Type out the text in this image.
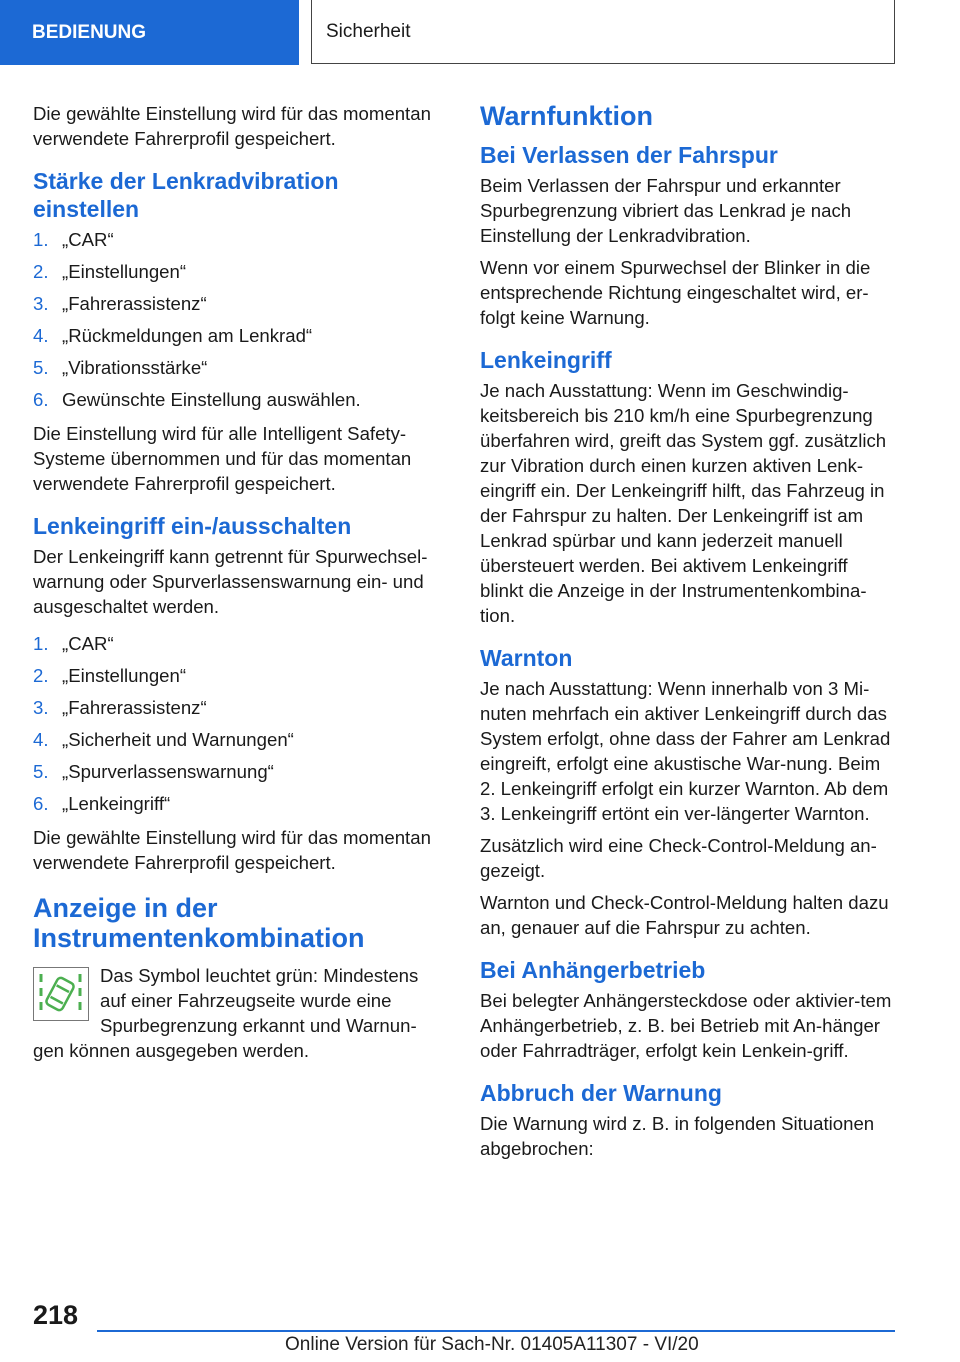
BEDIENUNG	Sicherheit

Die gewählte Einstellung wird für das momentan verwendete Fahrerprofil gespeichert.

Stärke der Lenkradvibration einstellen
1. „CAR“
2. „Einstellungen“
3. „Fahrerassistenz“
4. „Rückmeldungen am Lenkrad“
5. „Vibrationsstärke“
6. Gewünschte Einstellung auswählen.

Die Einstellung wird für alle Intelligent Safety-Systeme übernommen und für das momentan verwendete Fahrerprofil gespeichert.

Lenkeingriff ein-/ausschalten

Der Lenkeingriff kann getrennt für Spurwechsel-warnung oder Spurverlassenswarnung ein- und ausgeschaltet werden.

1. „CAR“
2. „Einstellungen“
3. „Fahrerassistenz“
4. „Sicherheit und Warnungen“
5. „Spurverlassenswarnung“
6. „Lenkeingriff“

Die gewählte Einstellung wird für das momentan verwendete Fahrerprofil gespeichert.

Anzeige in der Instrumentenkombination

Das Symbol leuchtet grün: Mindestens auf einer Fahrzeugseite wurde eine Spurbegrenzung erkannt und Warnun-gen können ausgegeben werden.

Warnfunktion
Bei Verlassen der Fahrspur

Beim Verlassen der Fahrspur und erkannter Spurbegrenzung vibriert das Lenkrad je nach Einstellung der Lenkradvibration.

Wenn vor einem Spurwechsel der Blinker in die entsprechende Richtung eingeschaltet wird, er-folgt keine Warnung.

Lenkeingriff

Je nach Ausstattung: Wenn im Geschwindig-keitsbereich bis 210 km/h eine Spurbegrenzung überfahren wird, greift das System ggf. zusätzlich zur Vibration durch einen kurzen aktiven Lenk-eingriff ein. Der Lenkeingriff hilft, das Fahrzeug in der Fahrspur zu halten. Der Lenkeingriff ist am Lenkrad spürbar und kann jederzeit manuell übersteuert werden. Bei aktivem Lenkeingriff blinkt die Anzeige in der Instrumentenkombina-tion.

Warnton

Je nach Ausstattung: Wenn innerhalb von 3 Mi-nuten mehrfach ein aktiver Lenkeingriff durch das System erfolgt, ohne dass der Fahrer am Lenkrad eingreift, erfolgt eine akustische War-nung. Beim 2. Lenkeingriff erfolgt ein kurzer Warnton. Ab dem 3. Lenkeingriff ertönt ein ver-längerter Warnton.

Zusätzlich wird eine Check-Control-Meldung an-gezeigt.

Warnton und Check-Control-Meldung halten dazu an, genauer auf die Fahrspur zu achten.

Bei Anhängerbetrieb

Bei belegter Anhängersteckdose oder aktivier-tem Anhängerbetrieb, z. B. bei Betrieb mit An-hänger oder Fahrradträger, erfolgt kein Lenkein-griff.

Abbruch der Warnung

Die Warnung wird z. B. in folgenden Situationen abgebrochen:

218
Online Version für Sach-Nr. 01405A11307 - VI/20
